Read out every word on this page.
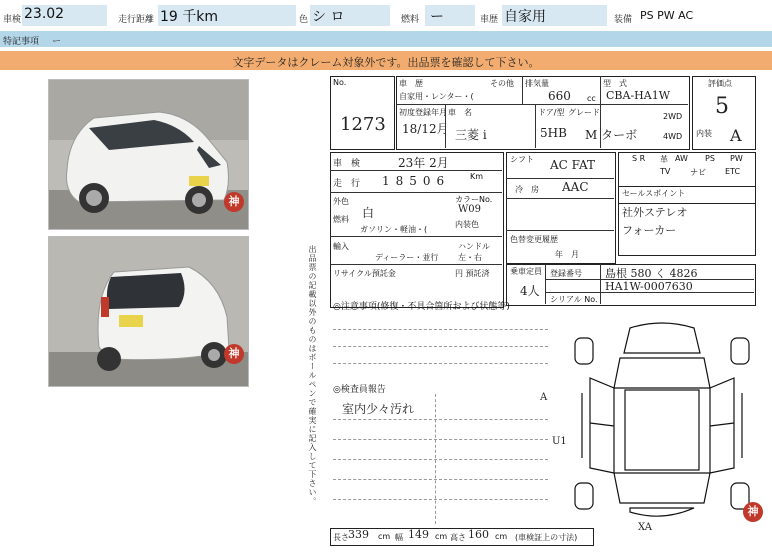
車検 23.02	走行距離 19 千km	色 シ ロ	燃料 ー	車歴 自家用	装備 PS PW AC
特記事項 ー
文字データはクレーム対象外です。出品票を確認して下さい。
神
神	出品票の記載以外のものはボールペンで確実に記入して下さい。
No.
1273
車　歴
自家用・レンター・(
その他 排気量
660 cc
型　式
CBA-HA1W
初度登録年月
18/12月
車　名
三菱 i
ドア/型 グレード
5HB M ターボ
2WD
4WD
評価点
5
内装 A
車　検	23年 2月
走　行 18506 Km
外色
白
カラーNo.
W09
燃料
ガソリン・軽油・(
内装色
輸入
ディーラー・並行
ハンドル
左・右
リサイクル預託金	円 預託済
シフト AC FAT
冷　房 AAC
色替変更履歴
年　月
S R 革 AW PS PW
TV ナビ ETC
セールスポイント
社外ステレオ
フォーカー
乗車定員
4人
登録番号 島根 580 く 4826
シリアル No.
HA1W-0007630
◎注意事項(修復・不具合箇所および状態等)
◎検査員報告
室内少々汚れ
A
U1
XA
神
長さ 339 cm 幅 149 cm 高さ 160 cm (車検証上の寸法)
